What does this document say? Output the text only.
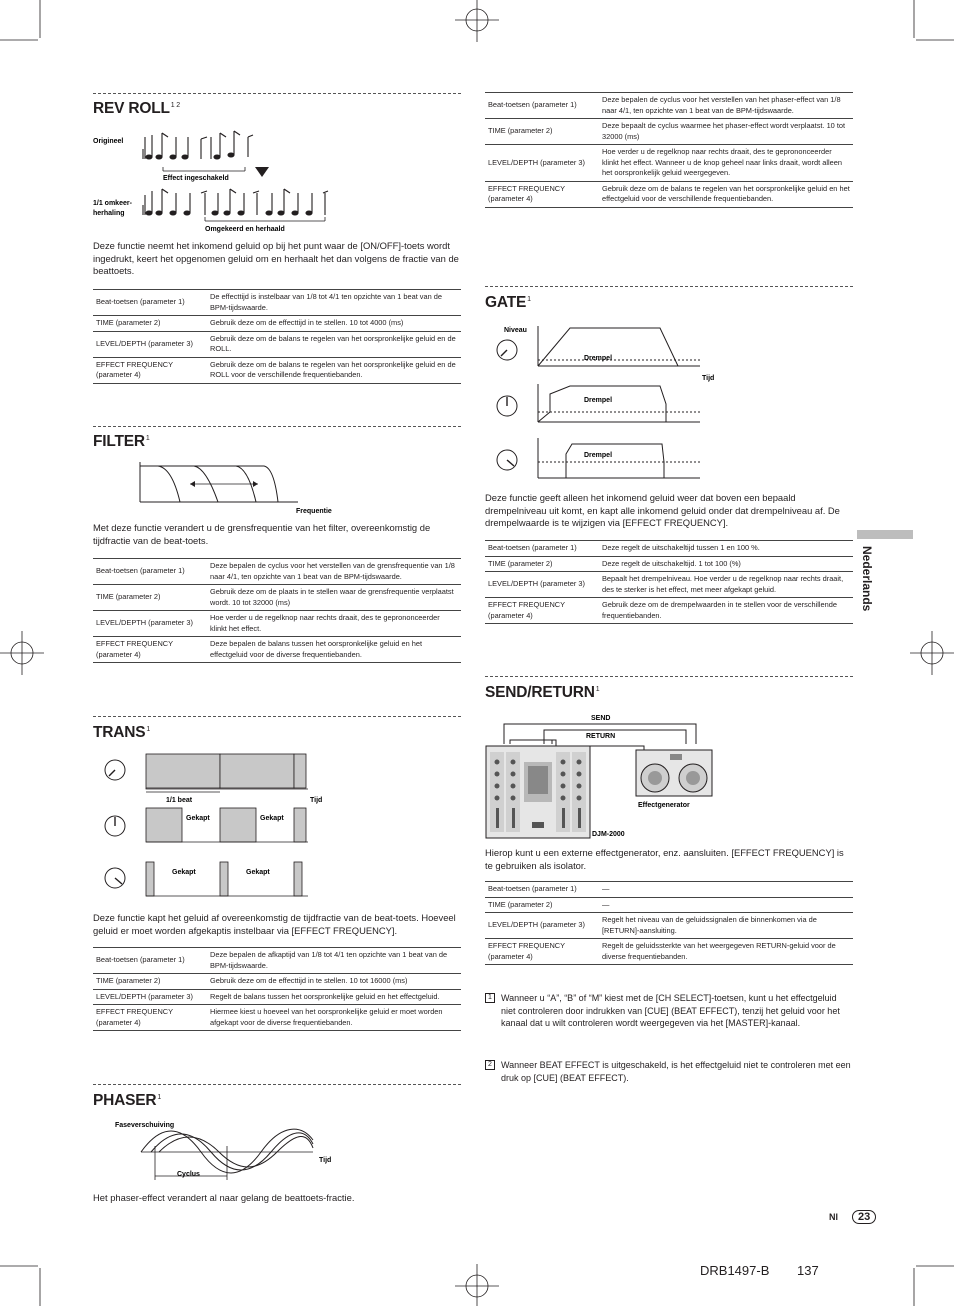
REV $ROLL^{1 2}$
Origineel
Effect ingeschakeld
1/1 omkeer-
herhaling
Omgekeerd en herhaald
Deze functie neemt het inkomend geluid op bij het punt waar de [ON/OFF]-toets wordt ingedrukt, keert het opgenomen geluid om en herhaalt het dan volgens de fractie van de beattoets.
Beat-toetsen (parameter 1)	De effecttijd is instelbaar van 1/8 tot 4/1 ten opzichte van 1 beat van de BPM-tijdswaarde.
TIME (parameter 2)	Gebruik deze om de effecttijd in te stellen. 10 tot 4000 (ms)
LEVEL/DEPTH (parameter 3)	Gebruik deze om de balans te regelen van het oorspronkelijke geluid en de ROLL.
EFFECT FREQUENCY (parameter 4)	Gebruik deze om de balans te regelen van het oorspronkelijke geluid en de ROLL voor de verschillende frequentiebanden.
FILTER$^1$
Frequentie
Met deze functie verandert u de grensfrequentie van het filter, overeenkomstig de tijdfractie van de beat-toets.
Beat-toetsen (parameter 1)	Deze bepalen de cyclus voor het verstellen van de grensfrequentie van 1/8 naar 4/1, ten opzichte van 1 beat van de BPM-tijdswaarde.
TIME (parameter 2)	Gebruik deze om de plaats in te stellen waar de grensfrequentie verplaatst wordt. 10 tot 32000 (ms)
LEVEL/DEPTH (parameter 3)	Hoe verder u de regelknop naar rechts draait, des te geprononceerder klinkt het effect.
EFFECT FREQUENCY (parameter 4)	Deze bepalen de balans tussen het oorspronkelijke geluid en het effectgeluid voor de diverse frequentiebanden.
TRANS$^1$
1/1 beat	Tijd
Gekapt	Gekapt
Gekapt	Gekapt
Deze functie kapt het geluid af overeenkomstig de tijdfractie van de beat-toets. Hoeveel geluid er moet worden afgekaptis instelbaar via [EFFECT FREQUENCY].
Beat-toetsen (parameter 1)	Deze bepalen de afkaptijd van 1/8 tot 4/1 ten opzichte van 1 beat van de BPM-tijdswaarde.
TIME (parameter 2)	Gebruik deze om de effecttijd in te stellen. 10 tot 16000 (ms)
LEVEL/DEPTH (parameter 3)	Regelt de balans tussen het oorspronkelijke geluid en het effectgeluid.
EFFECT FREQUENCY (parameter 4)	Hiermee kiest u hoeveel van het oorspronkelijke geluid er moet worden afgekapt voor de diverse frequentiebanden.
PHASER$^1$
Faseverschuiving
Tijd
Cyclus
Het phaser-effect verandert al naar gelang de beattoets-fractie.
Beat-toetsen (parameter 1)	Deze bepalen de cyclus voor het verstellen van het phaser-effect van 1/8 naar 4/1, ten opzichte van 1 beat van de BPM-tijdswaarde.
TIME (parameter 2)	Deze bepaalt de cyclus waarmee het phaser-effect wordt verplaatst. 10 tot 32000 (ms)
LEVEL/DEPTH (parameter 3)	Hoe verder u de regelknop naar rechts draait, des te geprononceerder klinkt het effect. Wanneer u de knop geheel naar links draait, wordt alleen het oorspronkelijk geluid weergegeven.
EFFECT FREQUENCY (parameter 4)	Gebruik deze om de balans te regelen van het oorspronkelijke geluid en het effectgeluid voor de verschillende frequentiebanden.
GATE$^1$
Niveau
Drempel
Tijd
Drempel
Drempel
Deze functie geeft alleen het inkomend geluid weer dat boven een bepaald drempelniveau uit komt, en kapt alle inkomend geluid onder dat drempelniveau af. De drempelwaarde is te wijzigen via [EFFECT FREQUENCY].
Beat-toetsen (parameter 1)	Deze regelt de uitschakeltijd tussen 1 en 100 %.
TIME (parameter 2)	Deze regelt de uitschakeltijd. 1 tot 100 (%)
LEVEL/DEPTH (parameter 3)	Bepaalt het drempelniveau. Hoe verder u de regelknop naar rechts draait, des te sterker is het effect, met meer afgekapt geluid.
EFFECT FREQUENCY (parameter 4)	Gebruik deze om de drempelwaarden in te stellen voor de verschillende frequentiebanden.
SEND/RETURN$^1$
SEND
RETURN
Effectgenerator
DJM-2000
Hierop kunt u een externe effectgenerator, enz. aansluiten. [EFFECT FREQUENCY] is te gebruiken als isolator.
Beat-toetsen (parameter 1)	—
TIME (parameter 2)	—
LEVEL/DEPTH (parameter 3)	Regelt het niveau van de geluidssignalen die binnenkomen via de [RETURN]-aansluiting.
EFFECT FREQUENCY (parameter 4)	Regelt de geluidssterkte van het weergegeven RETURN-geluid voor de diverse frequentiebanden.
1	Wanneer u “A”, “B” of “M” kiest met de [CH SELECT]-toetsen, kunt u het effectgeluid niet controleren door indrukken van [CUE] (BEAT EFFECT), tenzij het geluid voor het kanaal dat u wilt controleren wordt weergegeven via het [MASTER]-kanaal.
2	Wanneer BEAT EFFECT is uitgeschakeld, is het effectgeluid niet te controleren met een druk op [CUE] (BEAT EFFECT).
Nederlands
Nl	23
DRB1497-B 137
